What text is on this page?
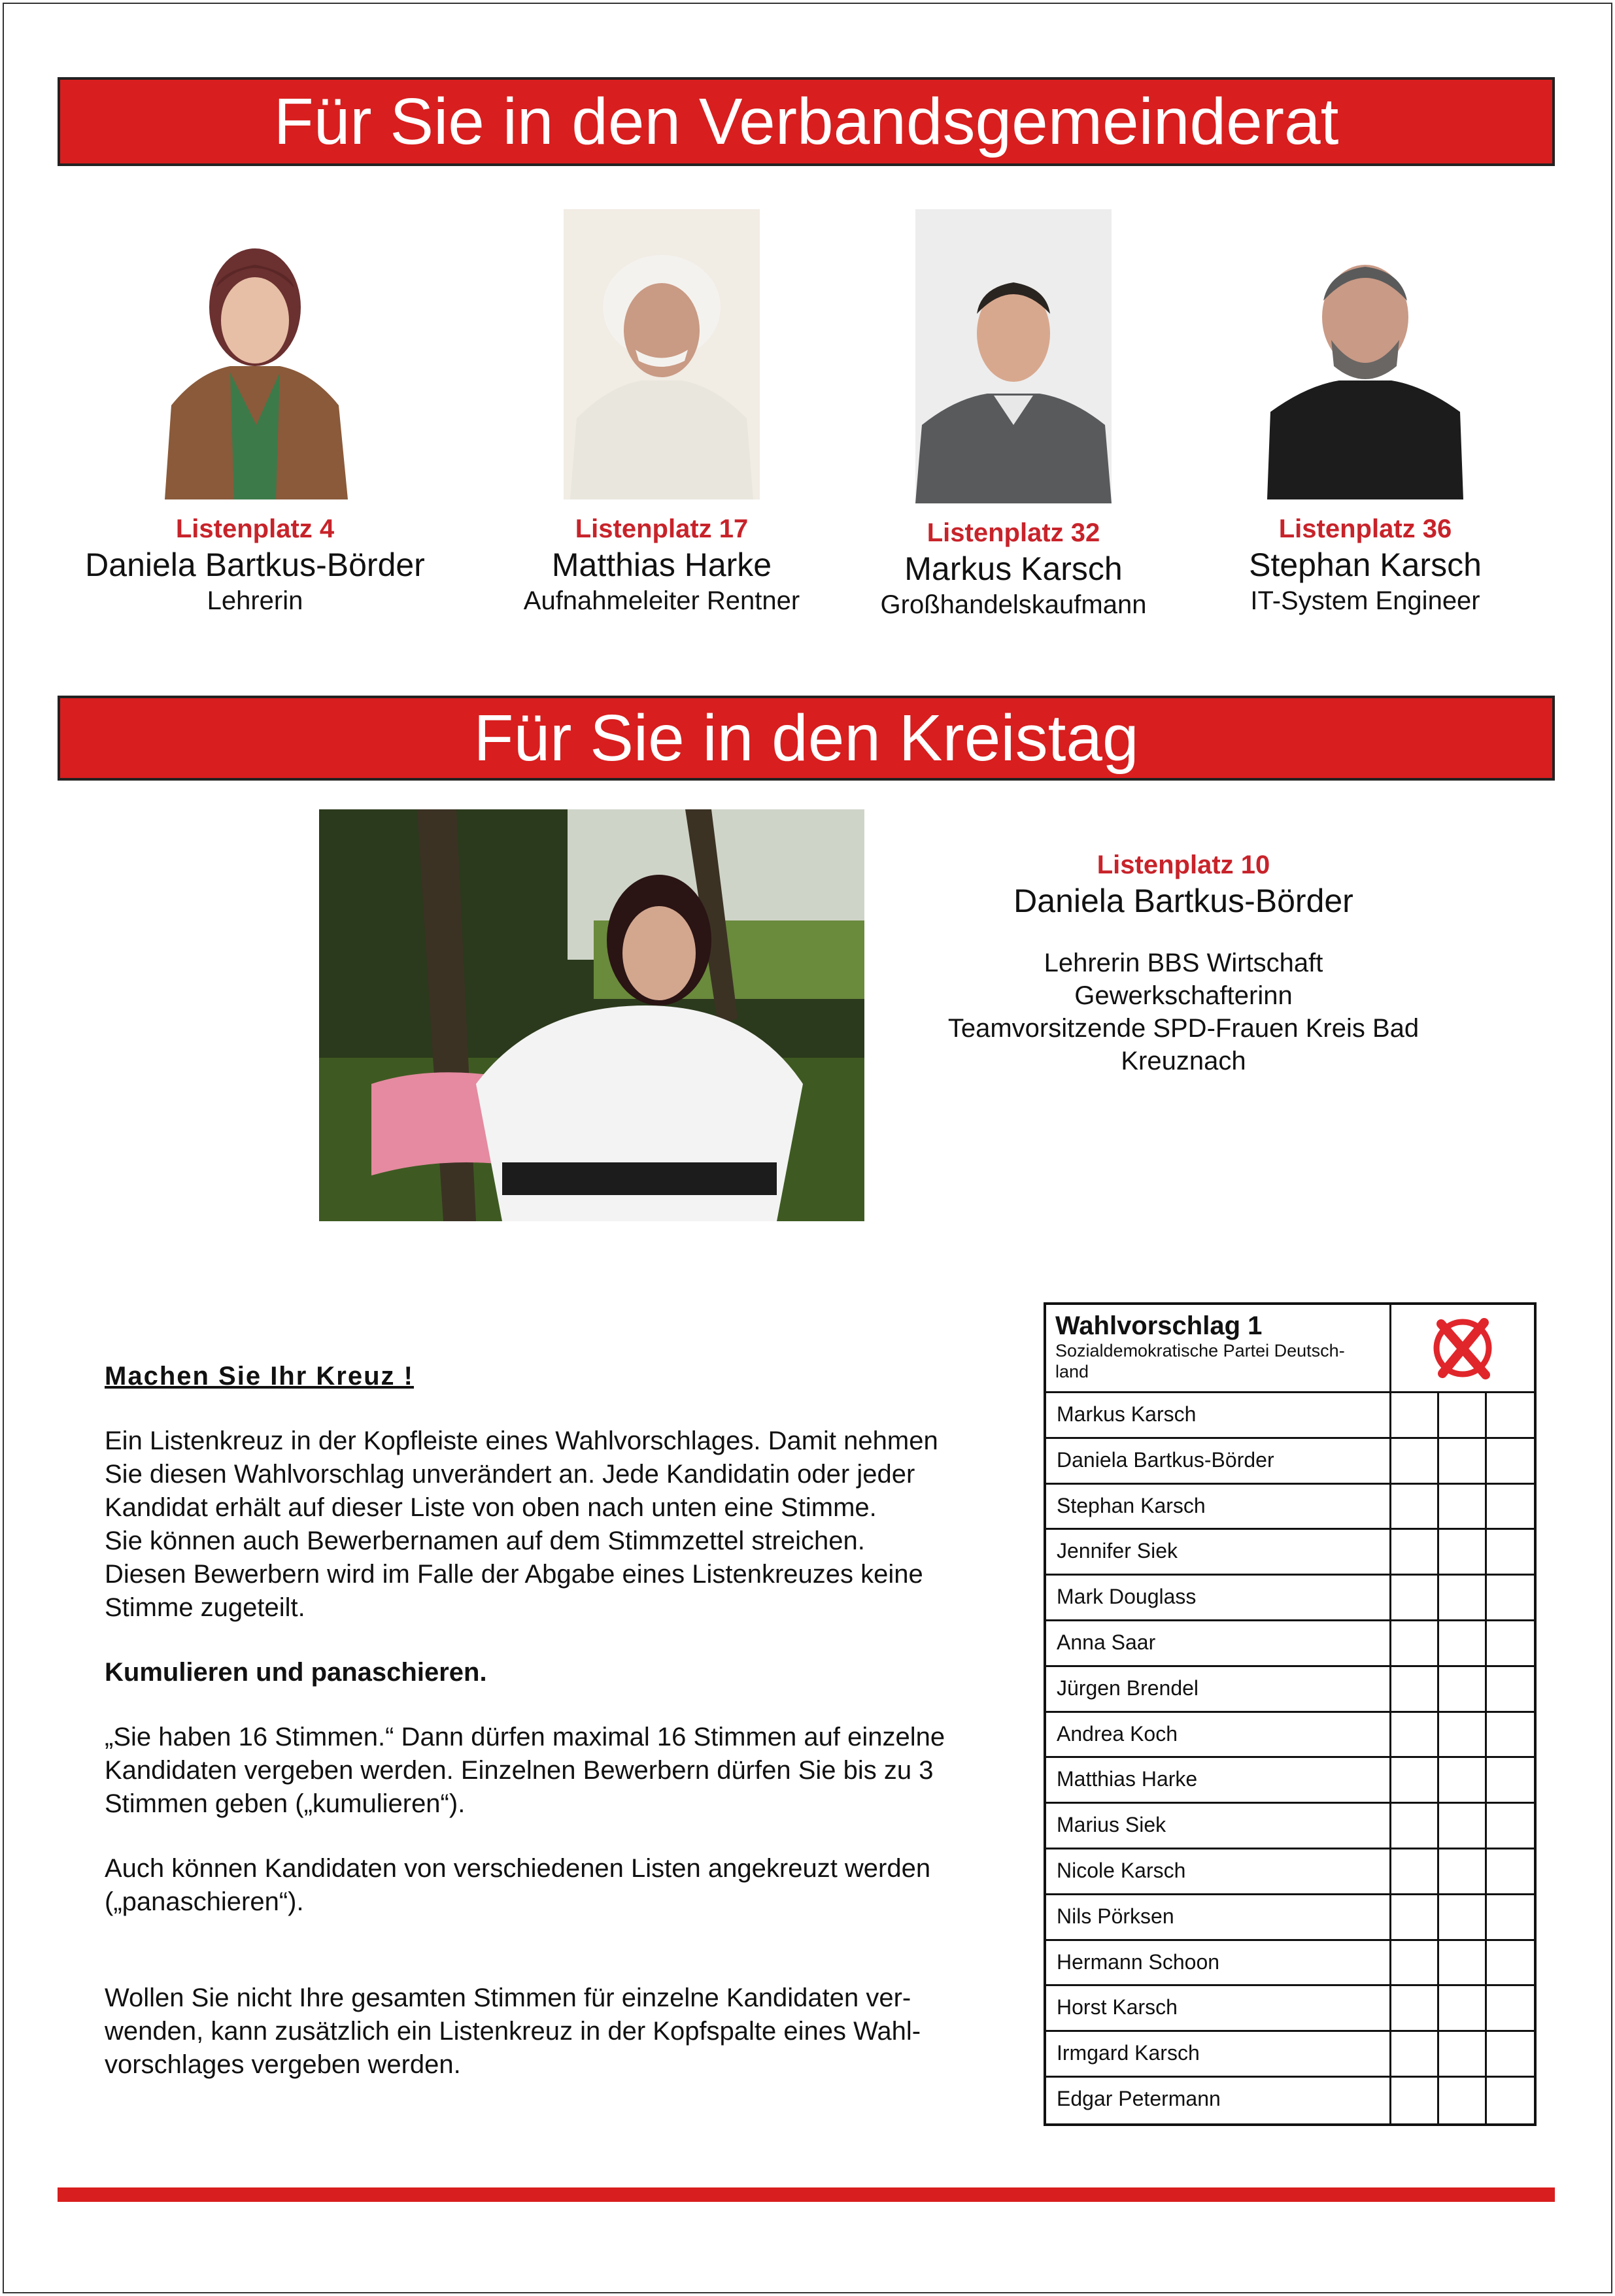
Für Sie in den Verbandsgemeinderat
Listenplatz 4
Daniela Bartkus-Börder
Lehrerin
Listenplatz 17
Matthias Harke
Aufnahmeleiter Rentner
Listenplatz 32
Markus Karsch
Großhandelskaufmann
Listenplatz 36
Stephan Karsch
IT-System Engineer
Für Sie in den Kreistag
Listenplatz 10
Daniela Bartkus-Börder
Lehrerin BBS Wirtschaft
Gewerkschafterinn
Teamvorsitzende SPD-Frauen Kreis Bad
Kreuznach

Machen Sie Ihr Kreuz !

Ein Listenkreuz in der Kopfleiste eines Wahlvorschlages. Damit nehmen

Sie diesen Wahlvorschlag unverändert an. Jede Kandidatin oder jeder

Kandidat erhält auf dieser Liste von oben nach unten eine Stimme.

Sie können auch Bewerbernamen auf dem Stimmzettel streichen.

Diesen Bewerbern wird im Falle der Abgabe eines Listenkreuzes keine

Stimme zugeteilt.

Kumulieren und panaschieren.

„Sie haben 16 Stimmen.“ Dann dürfen maximal 16 Stimmen auf einzelne

Kandidaten vergeben werden. Einzelnen Bewerbern dürfen Sie bis zu 3

Stimmen geben („kumulieren“).

Auch können Kandidaten von verschiedenen Listen angekreuzt werden

(„panaschieren“).

Wollen Sie nicht Ihre gesamten Stimmen für einzelne Kandidaten ver-

wenden, kann zusätzlich ein Listenkreuz in der Kopfspalte eines Wahl-

vorschlages vergeben werden.

Wahlvorschlag 1
Sozialdemokratische Partei Deutsch-
land
Markus Karsch
Daniela Bartkus-Börder
Stephan Karsch
Jennifer Siek
Mark Douglass
Anna Saar
Jürgen Brendel
Andrea Koch
Matthias Harke
Marius Siek
Nicole Karsch
Nils Pörksen
Hermann Schoon
Horst Karsch
Irmgard Karsch
Edgar Petermann
